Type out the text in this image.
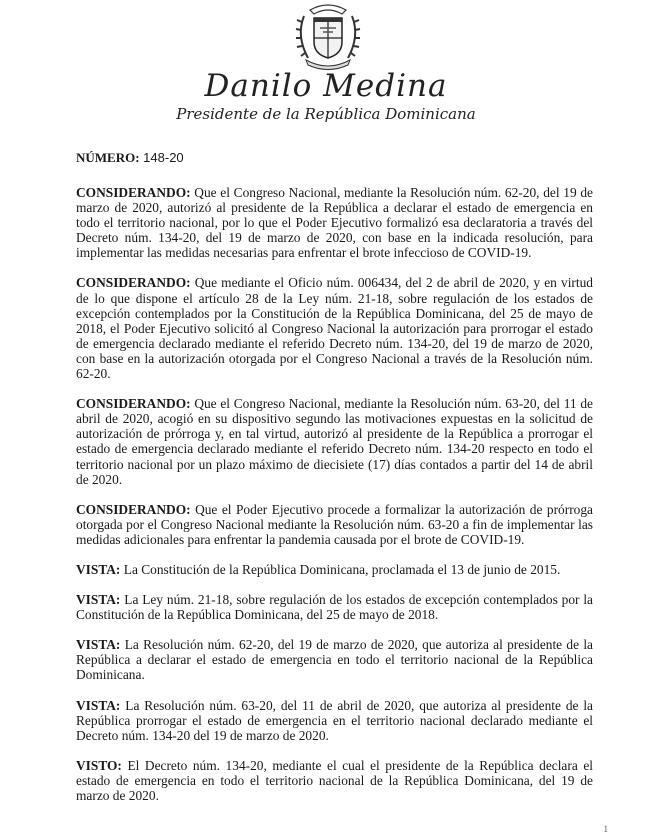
Danilo Medina
Presidente de la República Dominicana
NÚMERO: 148-20

CONSIDERANDO: Que el Congreso Nacional, mediante la Resolución núm. 62-20, del 19 de marzo de 2020, autorizó al presidente de la República a declarar el estado de emergencia en todo el territorio nacional, por lo que el Poder Ejecutivo formalizó esa declaratoria a través del Decreto núm. 134-20, del 19 de marzo de 2020, con base en la indicada resolución, para implementar las medidas necesarias para enfrentar el brote infeccioso de COVID-19.

CONSIDERANDO: Que mediante el Oficio núm. 006434, del 2 de abril de 2020, y en virtud de lo que dispone el artículo 28 de la Ley núm. 21-18, sobre regulación de los estados de excepción contemplados por la Constitución de la República Dominicana, del 25 de mayo de 2018, el Poder Ejecutivo solicitó al Congreso Nacional la autorización para prorrogar el estado de emergencia declarado mediante el referido Decreto núm. 134-20, del 19 de marzo de 2020, con base en la autorización otorgada por el Congreso Nacional a través de la Resolución núm. 62-20.

CONSIDERANDO: Que el Congreso Nacional, mediante la Resolución núm. 63-20, del 11 de abril de 2020, acogió en su dispositivo segundo las motivaciones expuestas en la solicitud de autorización de prórroga y, en tal virtud, autorizó al presidente de la República a prorrogar el estado de emergencia declarado mediante el referido Decreto núm. 134-20 respecto en todo el territorio nacional por un plazo máximo de diecisiete (17) días contados a partir del 14 de abril de 2020.

CONSIDERANDO: Que el Poder Ejecutivo procede a formalizar la autorización de prórroga otorgada por el Congreso Nacional mediante la Resolución núm. 63-20 a fin de implementar las medidas adicionales para enfrentar la pandemia causada por el brote de COVID-19.

VISTA: La Constitución de la República Dominicana, proclamada el 13 de junio de 2015.

VISTA: La Ley núm. 21-18, sobre regulación de los estados de excepción contemplados por la Constitución de la República Dominicana, del 25 de mayo de 2018.

VISTA: La Resolución núm. 62-20, del 19 de marzo de 2020, que autoriza al presidente de la República a declarar el estado de emergencia en todo el territorio nacional de la República Dominicana.

VISTA: La Resolución núm. 63-20, del 11 de abril de 2020, que autoriza al presidente de la República prorrogar el estado de emergencia en el territorio nacional declarado mediante el Decreto núm. 134-20 del 19 de marzo de 2020.

VISTO: El Decreto núm. 134-20, mediante el cual el presidente de la República declara el estado de emergencia en todo el territorio nacional de la República Dominicana, del 19 de marzo de 2020.

1
